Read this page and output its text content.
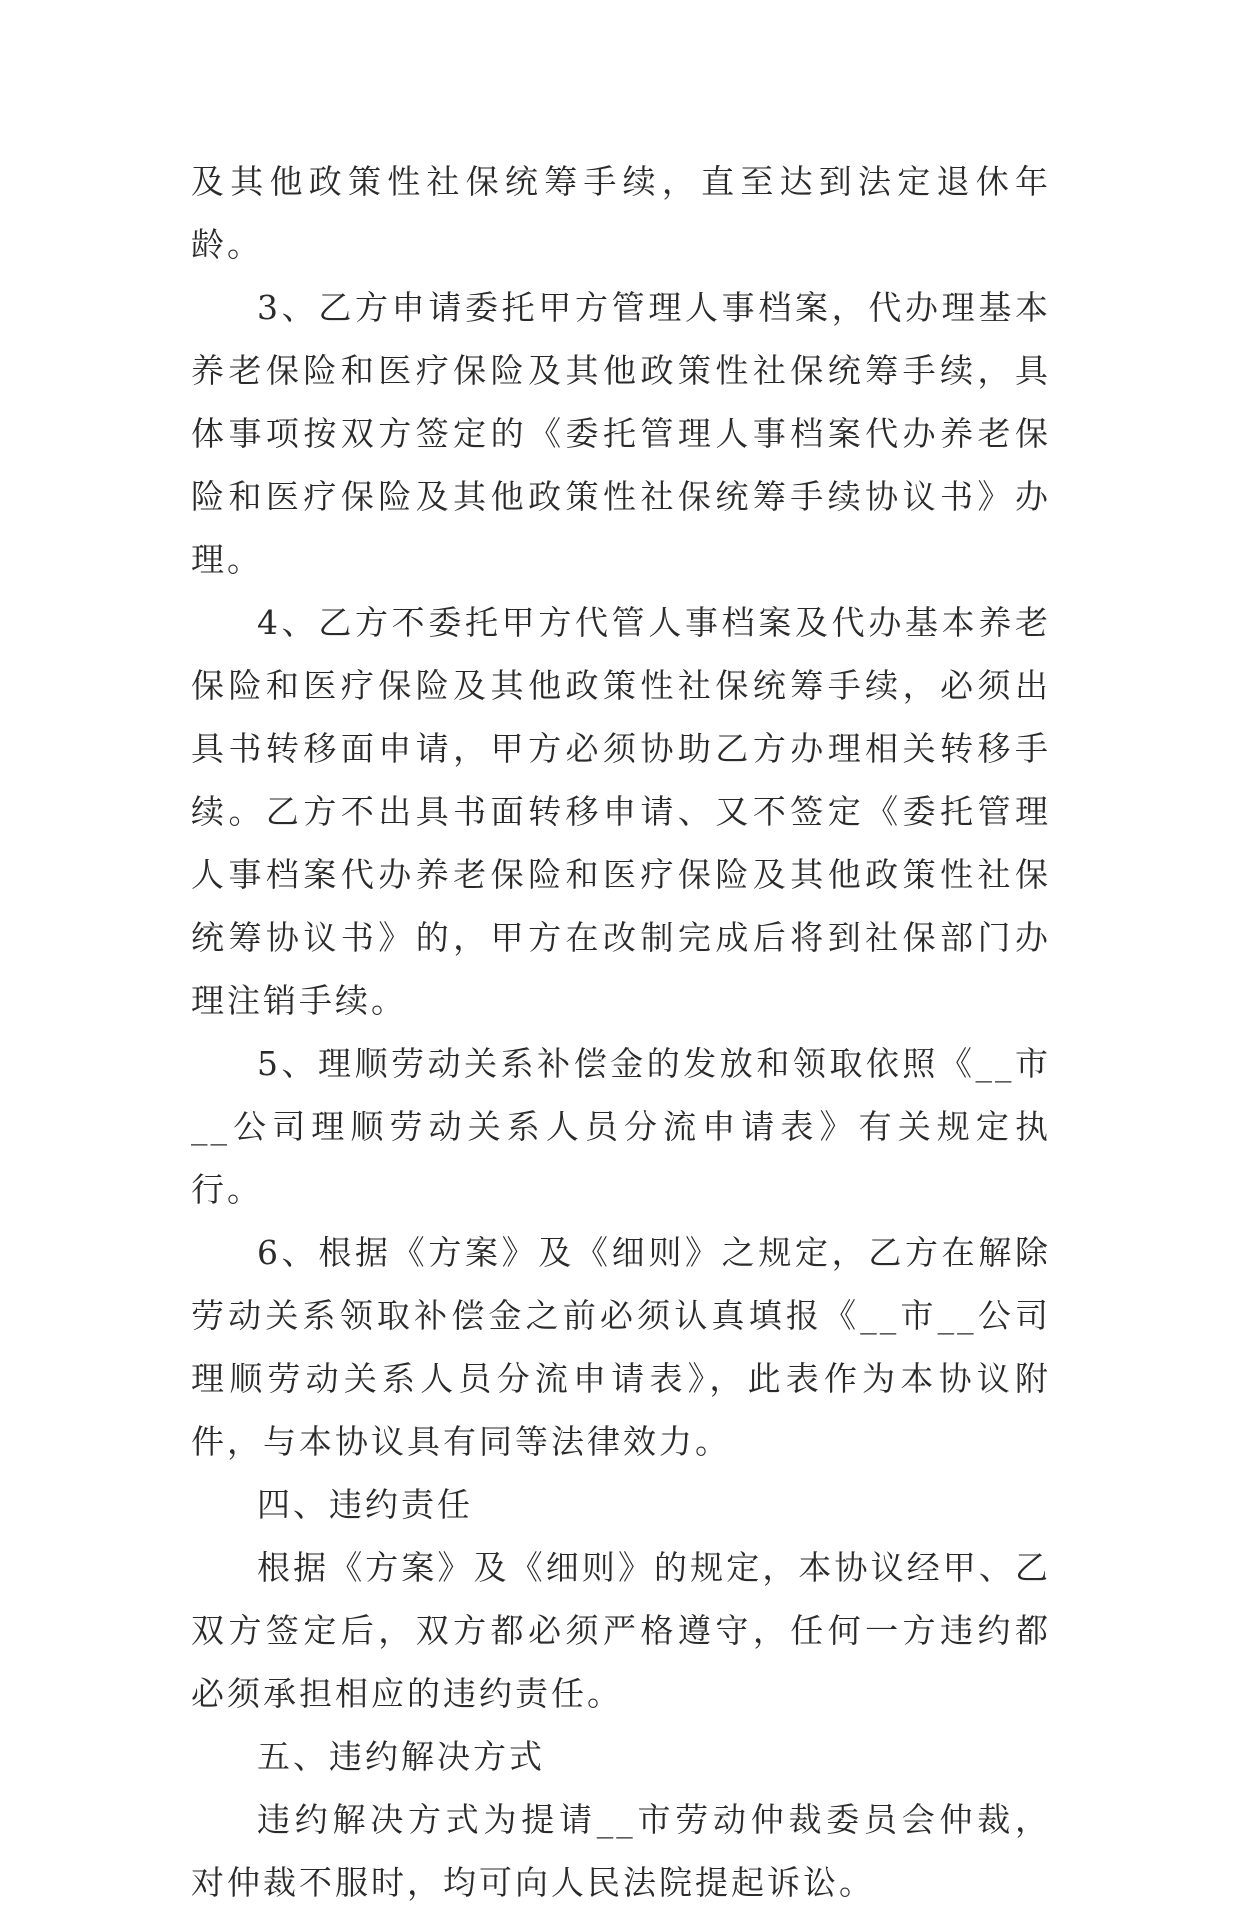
及其他政策性社保统筹手续，直至达到法定退休年龄。

3、乙方申请委托甲方管理人事档案，代办理基本养老保险和医疗保险及其他政策性社保统筹手续，具体事项按双方签定的《委托管理人事档案代办养老保险和医疗保险及其他政策性社保统筹手续协议书》办理。

4、乙方不委托甲方代管人事档案及代办基本养老保险和医疗保险及其他政策性社保统筹手续，必须出具书转移面申请，甲方必须协助乙方办理相关转移手续。乙方不出具书面转移申请、又不签定《委托管理人事档案代办养老保险和医疗保险及其他政策性社保统筹协议书》的，甲方在改制完成后将到社保部门办理注销手续。

5、理顺劳动关系补偿金的发放和领取依照《__市__公司理顺劳动关系人员分流申请表》有关规定执行。

6、根据《方案》及《细则》之规定，乙方在解除劳动关系领取补偿金之前必须认真填报《__市__公司理顺劳动关系人员分流申请表》，此表作为本协议附件，与本协议具有同等法律效力。

四、违约责任

根据《方案》及《细则》的规定，本协议经甲、乙双方签定后，双方都必须严格遵守，任何一方违约都必须承担相应的违约责任。

五、违约解决方式

违约解决方式为提请__市劳动仲裁委员会仲裁，对仲裁不服时，均可向人民法院提起诉讼。
